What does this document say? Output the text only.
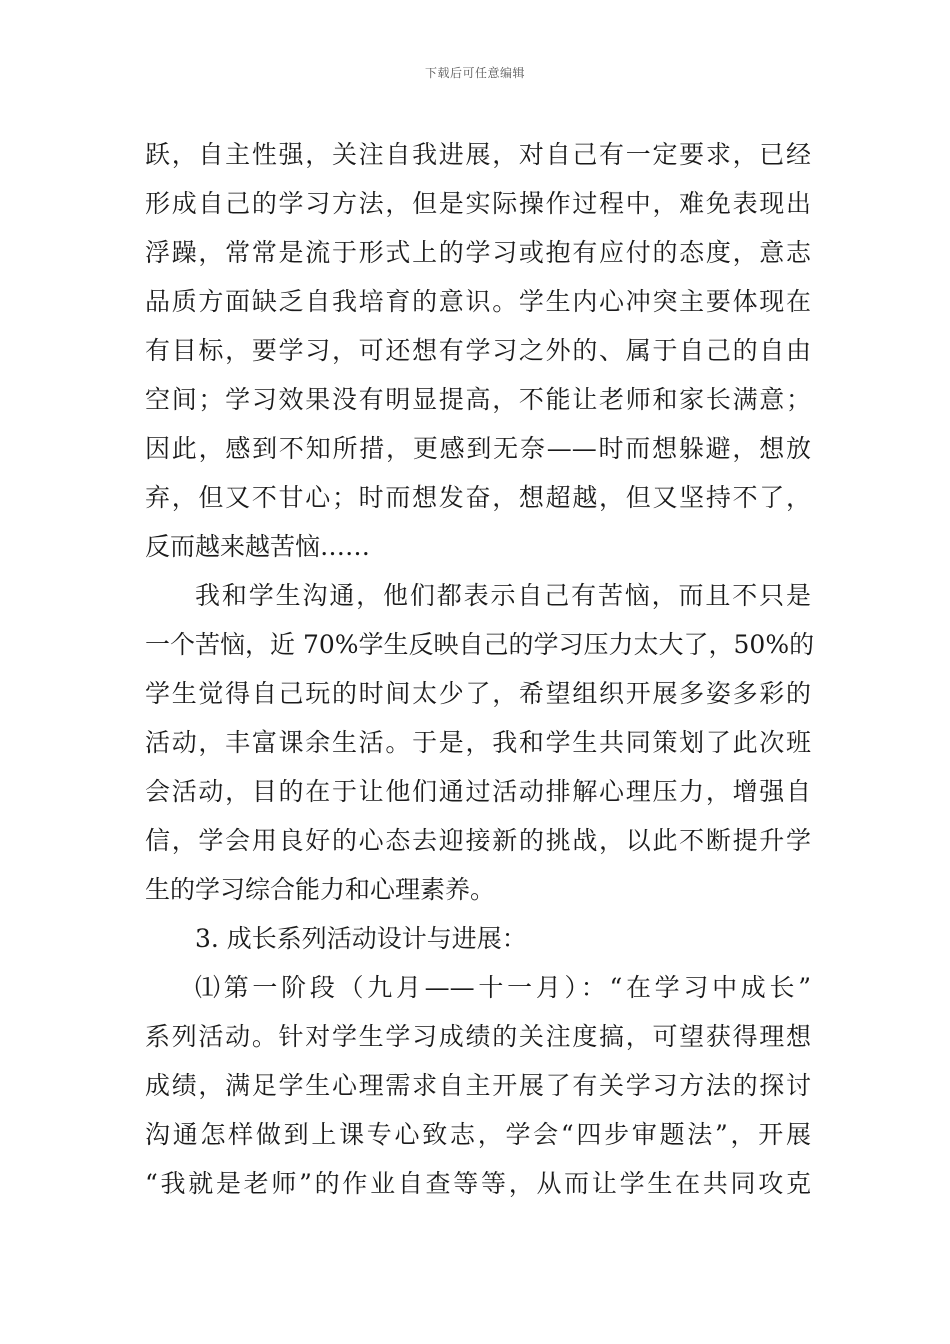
下载后可任意编辑
跃，自主性强，关注自我进展，对自己有一定要求，已经
形成自己的学习方法，但是实际操作过程中，难免表现出
浮躁，常常是流于形式上的学习或抱有应付的态度，意志
品质方面缺乏自我培育的意识。学生内心冲突主要体现在
有目标，要学习，可还想有学习之外的、属于自己的自由
空间；学习效果没有明显提高，不能让老师和家长满意；
因此，感到不知所措，更感到无奈——时而想躲避，想放
弃，但又不甘心；时而想发奋，想超越，但又坚持不了，
反而越来越苦恼……
我和学生沟通，他们都表示自己有苦恼，而且不只是
一个苦恼，近 70%学生反映自己的学习压力太大了，50%的
学生觉得自己玩的时间太少了，希望组织开展多姿多彩的
活动，丰富课余生活。于是，我和学生共同策划了此次班
会活动，目的在于让他们通过活动排解心理压力，增强自
信，学会用良好的心态去迎接新的挑战，以此不断提升学
生的学习综合能力和心理素养。
3. 成长系列活动设计与进展：
⑴第一阶段（九月——十一月）：“在学习中成长”
系列活动。针对学生学习成绩的关注度搞，可望获得理想
成绩，满足学生心理需求自主开展了有关学习方法的探讨
沟通怎样做到上课专心致志，学会“四步审题法”，开展
“我就是老师”的作业自查等等，从而让学生在共同攻克
